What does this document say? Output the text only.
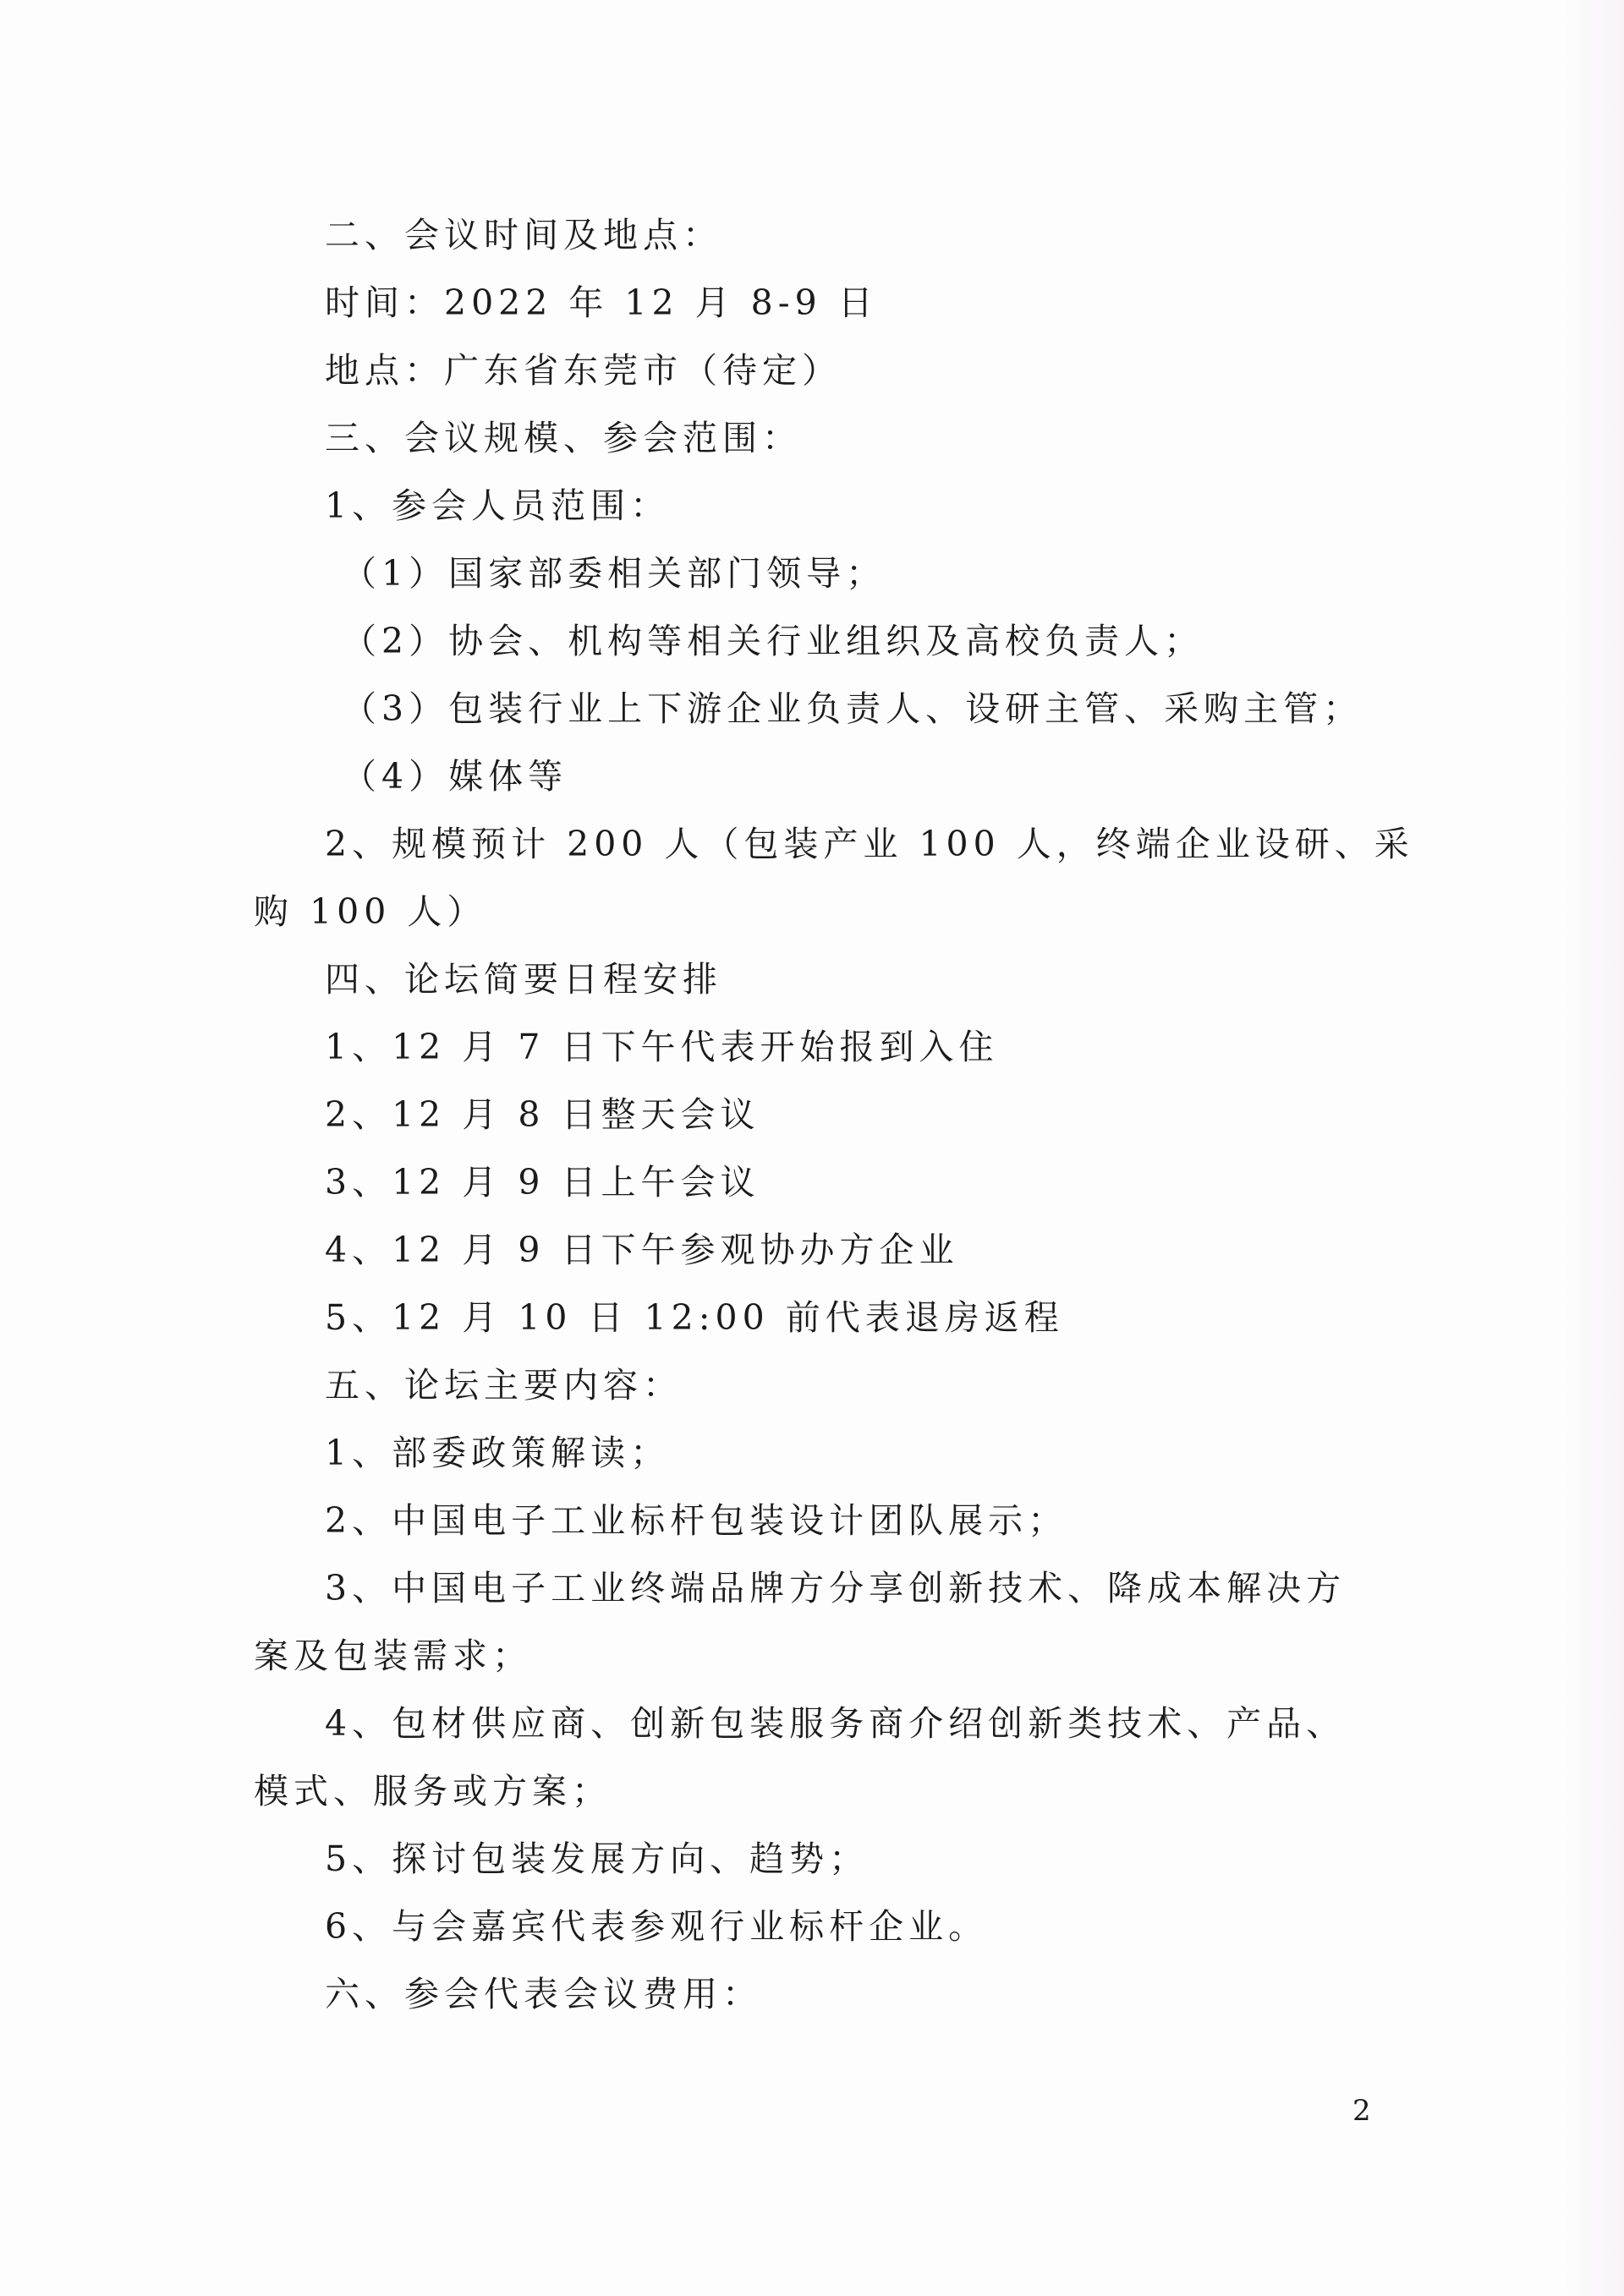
二、会议时间及地点：
时间：2022 年 12 月 8-9 日
地点：广东省东莞市（待定）
三、会议规模、参会范围：
1、参会人员范围：
（1）国家部委相关部门领导；
（2）协会、机构等相关行业组织及高校负责人；
（3）包装行业上下游企业负责人、设研主管、采购主管；
（4）媒体等
2、规模预计 200 人（包装产业 100 人，终端企业设研、采
购 100 人）
四、论坛简要日程安排
1、12 月 7 日下午代表开始报到入住
2、12 月 8 日整天会议
3、12 月 9 日上午会议
4、12 月 9 日下午参观协办方企业
5、12 月 10 日 12:00 前代表退房返程
五、论坛主要内容：
1、部委政策解读；
2、中国电子工业标杆包装设计团队展示；
3、中国电子工业终端品牌方分享创新技术、降成本解决方
案及包装需求；
4、包材供应商、创新包装服务商介绍创新类技术、产品、
模式、服务或方案；
5、探讨包装发展方向、趋势；
6、与会嘉宾代表参观行业标杆企业。
六、参会代表会议费用：
2
